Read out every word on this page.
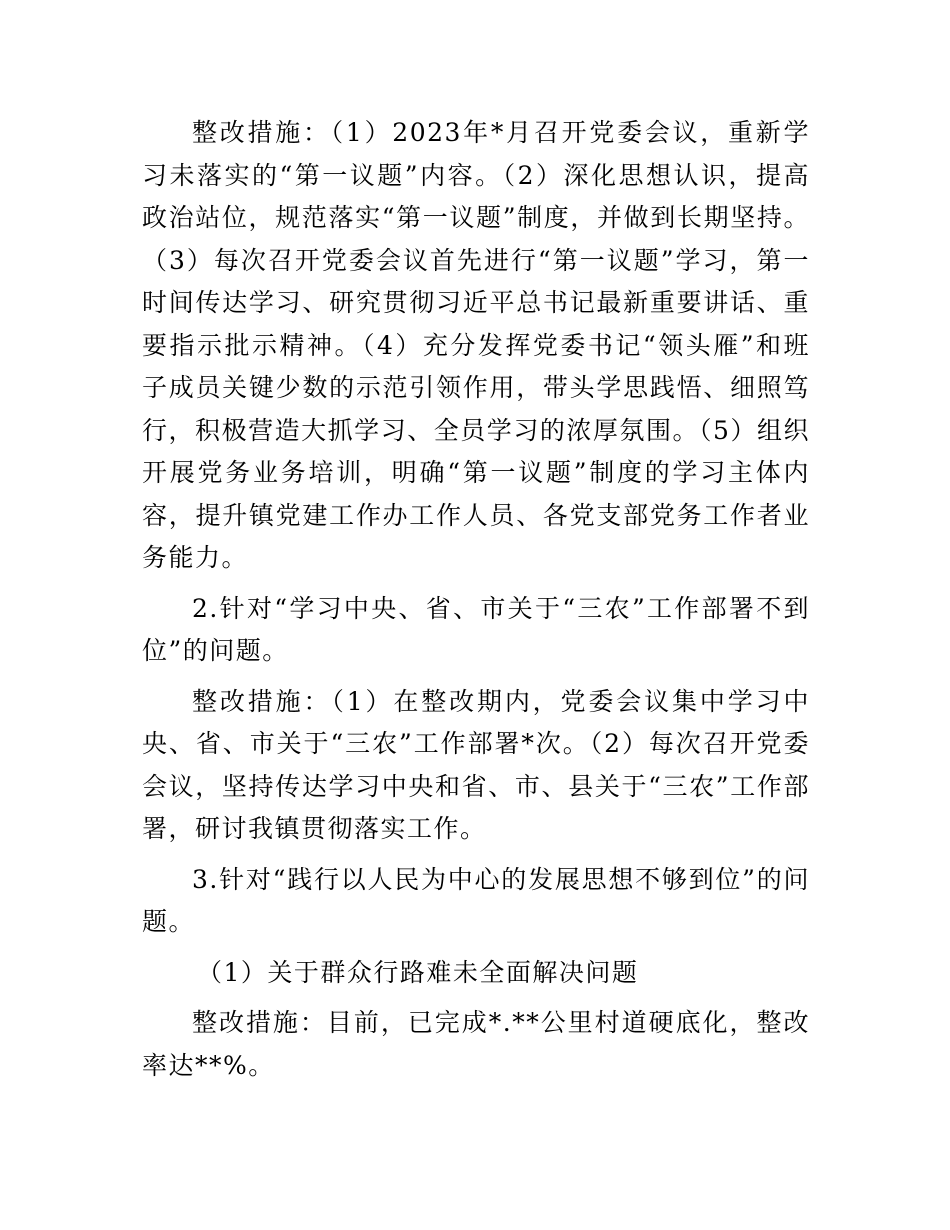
整改措施：（1）2023年*月召开党委会议，重新学习未落实的“第一议题”内容。（2）深化思想认识，提高政治站位，规范落实“第一议题”制度，并做到长期坚持。（3）每次召开党委会议首先进行“第一议题”学习，第一时间传达学习、研究贯彻习近平总书记最新重要讲话、重要指示批示精神。（4）充分发挥党委书记“领头雁”和班子成员关键少数的示范引领作用，带头学思践悟、细照笃行，积极营造大抓学习、全员学习的浓厚氛围。（5）组织开展党务业务培训，明确“第一议题”制度的学习主体内容，提升镇党建工作办工作人员、各党支部党务工作者业务能力。

2.针对“学习中央、省、市关于“三农”工作部署不到位”的问题。

整改措施：（1）在整改期内，党委会议集中学习中央、省、市关于“三农”工作部署*次。（2）每次召开党委会议，坚持传达学习中央和省、市、县关于“三农”工作部署，研讨我镇贯彻落实工作。

3.针对“践行以人民为中心的发展思想不够到位”的问题。

（1）关于群众行路难未全面解决问题

整改措施：目前，已完成*.**公里村道硬底化，整改率达**%。
